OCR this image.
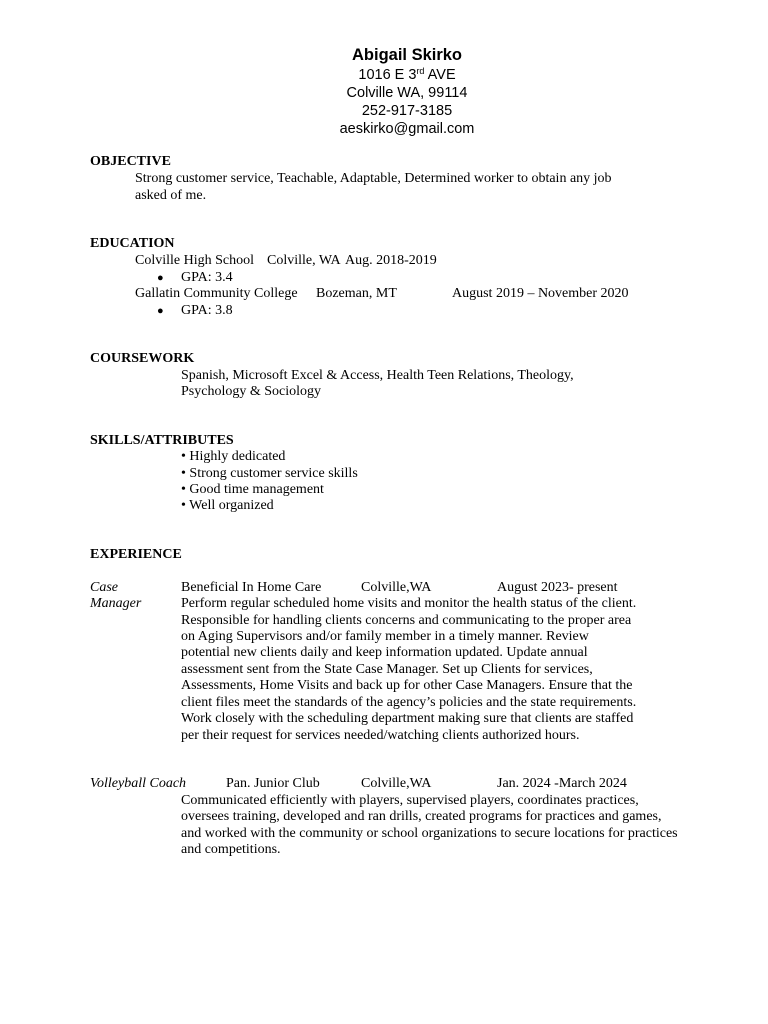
Abigail Skirko
1016 E 3rd AVE
Colville WA, 99114
252-917-3185
aeskirko@gmail.com
OBJECTIVE
Strong customer service, Teachable, Adaptable, Determined worker to obtain any job
asked of me.
EDUCATION
Colville High School Colville, WA Aug. 2018-2019
● GPA: 3.4
Gallatin Community College Bozeman, MT	August 2019 – November 2020
● GPA: 3.8
COURSEWORK
Spanish, Microsoft Excel & Access, Health Teen Relations, Theology,
Psychology & Sociology
SKILLS/ATTRIBUTES
• Highly dedicated
• Strong customer service skills
• Good time management
• Well organized
EXPERIENCE
Case
Manager
Beneficial In Home Care	Colville,WA	August 2023- present
Perform regular scheduled home visits and monitor the health status of the client.
Responsible for handling clients concerns and communicating to the proper area
on Aging Supervisors and/or family member in a timely manner. Review
potential new clients daily and keep information updated. Update annual
assessment sent from the State Case Manager. Set up Clients for services,
Assessments, Home Visits and back up for other Case Managers. Ensure that the
client files meet the standards of the agency’s policies and the state requirements.
Work closely with the scheduling department making sure that clients are staffed
per their request for services needed/watching clients authorized hours.
Volleyball Coach	Pan. Junior Club	Colville,WA	Jan. 2024 -March 2024
Communicated efficiently with players, supervised players, coordinates practices,
oversees training, developed and ran drills, created programs for practices and games,
and worked with the community or school organizations to secure locations for practices
and competitions.
